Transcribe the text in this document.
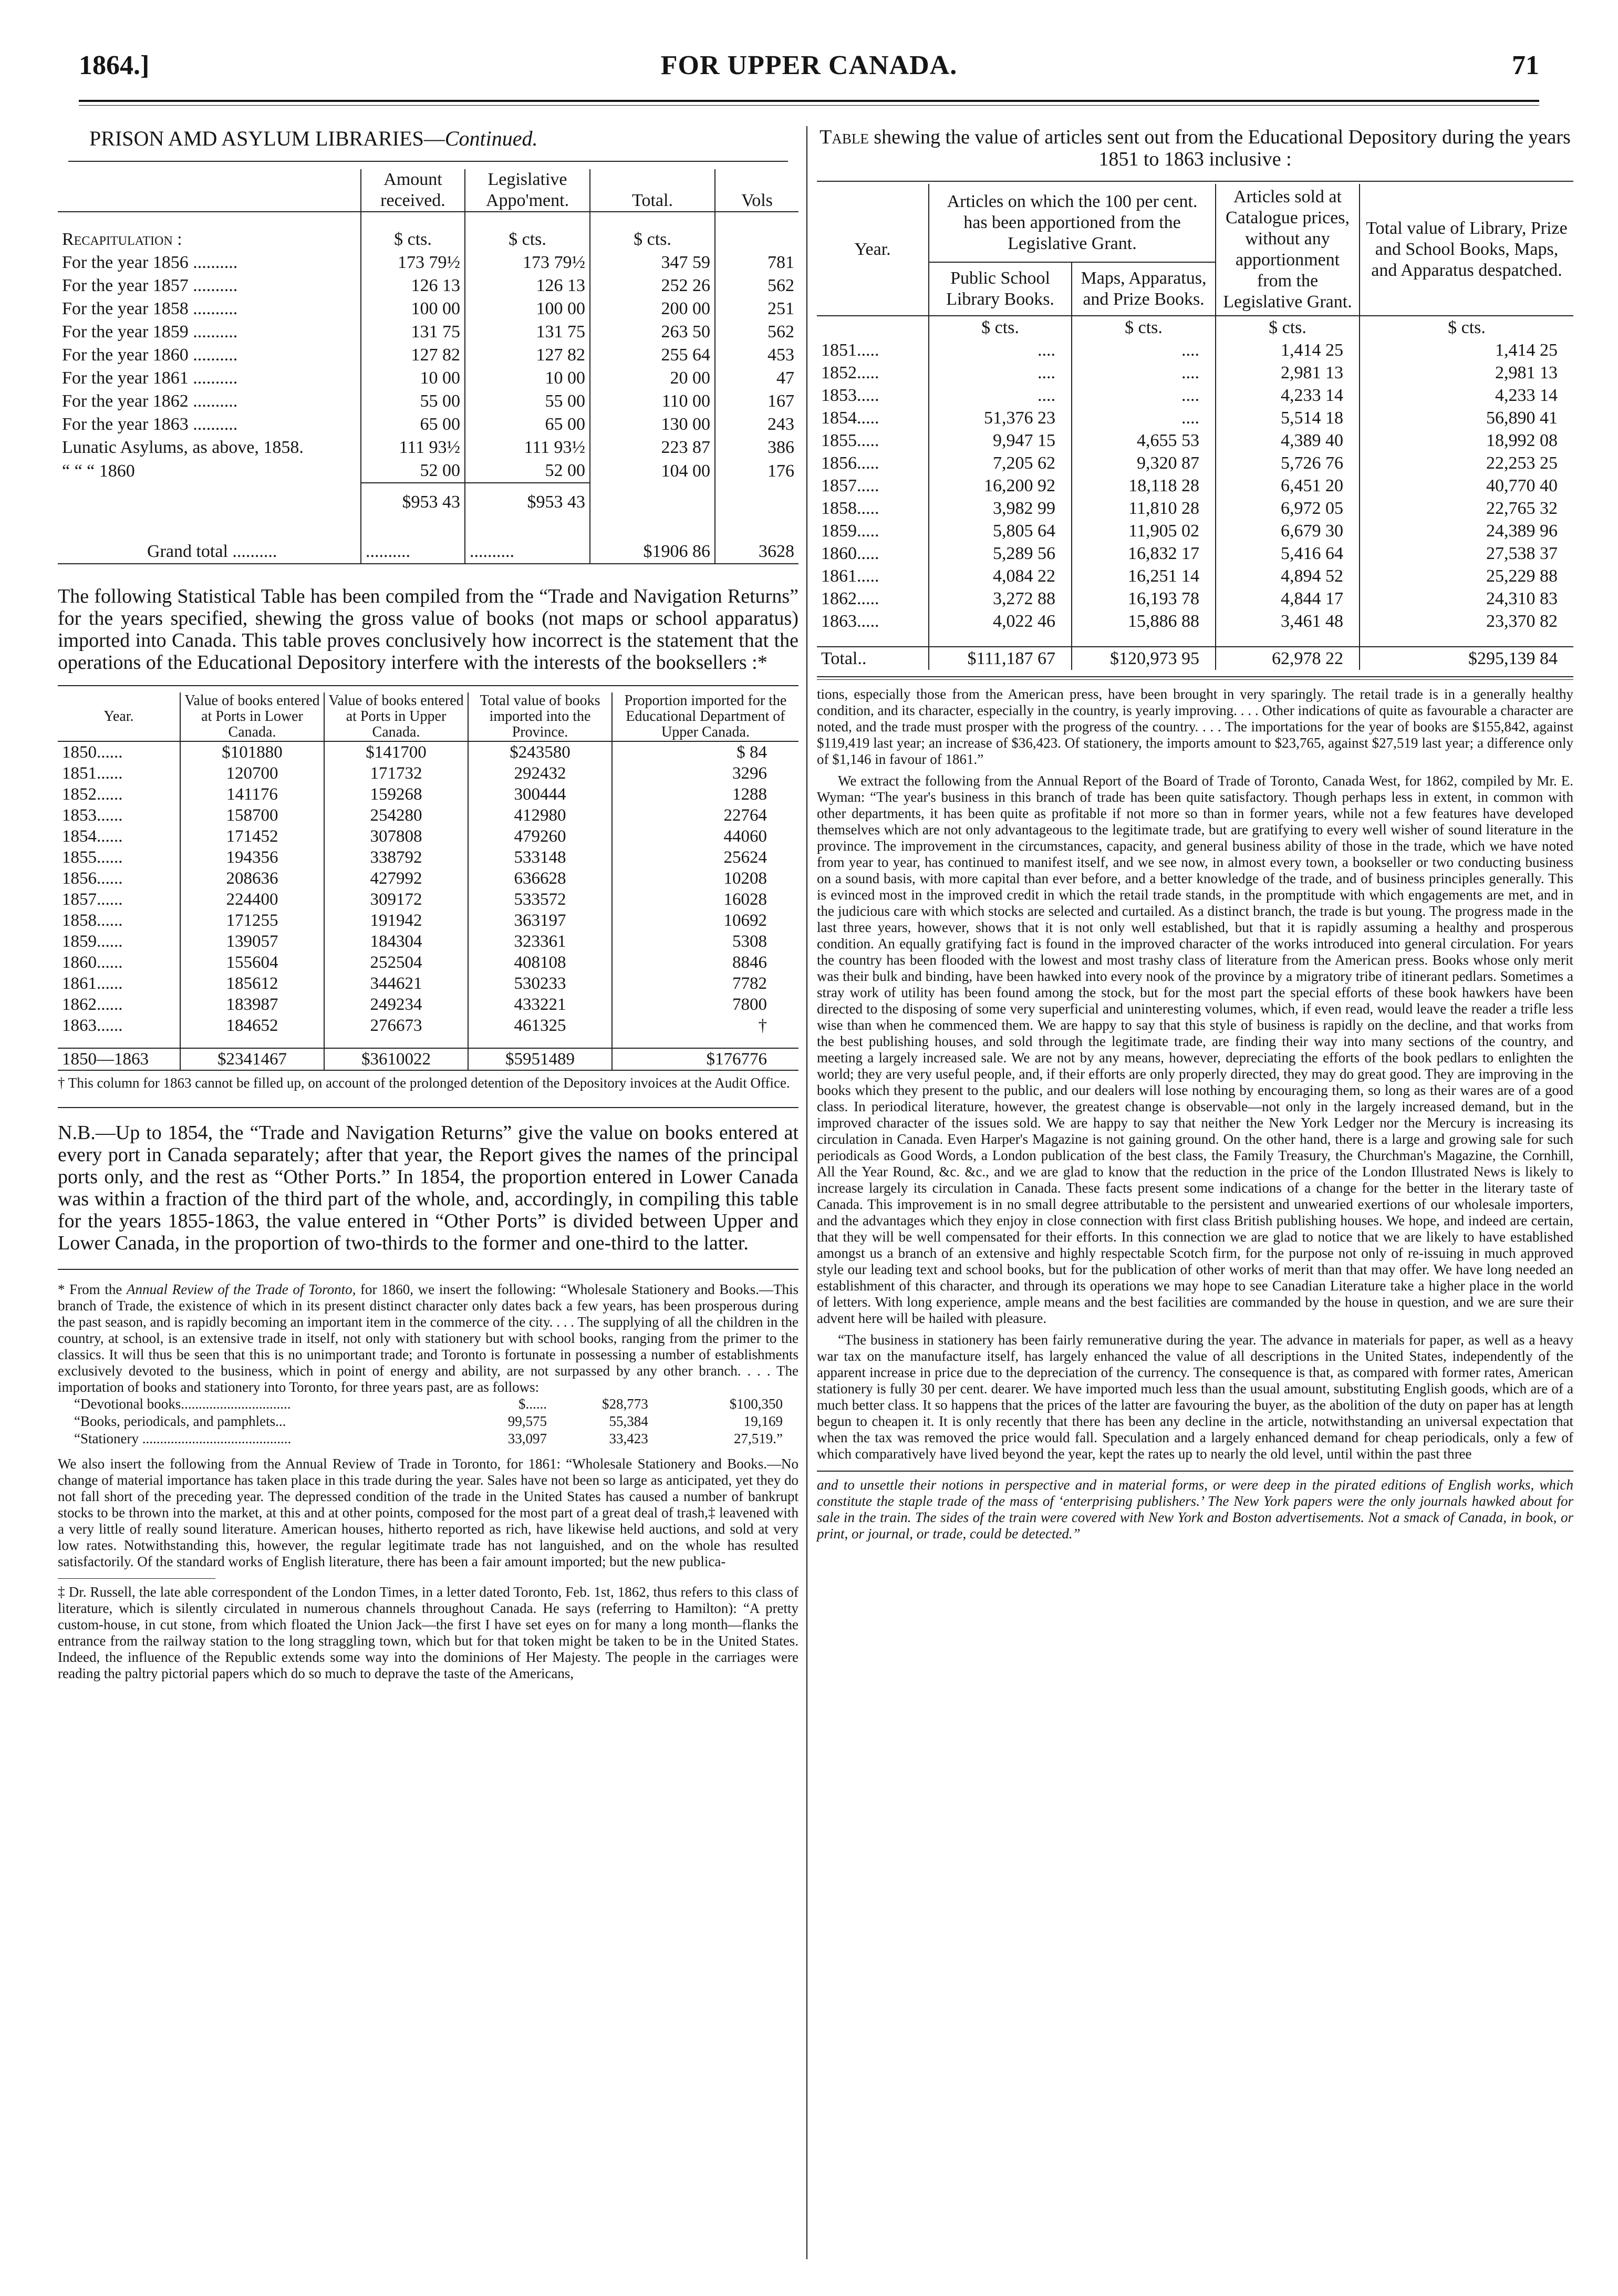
1864.]	FOR UPPER CANADA.	71
PRISON AMD ASYLUM LIBRARIES—Continued.
	Amount received.	Legislative Appo'ment.	Total.	Vols
Recapitulation :	$ cts.	$ cts.	$ cts.	
For the year 1856 ..........	173 79½	173 79½	347 59	781
For the year 1857 ..........	126 13	126 13	252 26	562
For the year 1858 ..........	100 00	100 00	200 00	251
For the year 1859 ..........	131 75	131 75	263 50	562
For the year 1860 ..........	127 82	127 82	255 64	453
For the year 1861 ..........	10 00	10 00	20 00	47
For the year 1862 ..........	55 00	55 00	110 00	167
For the year 1863 ..........	65 00	65 00	130 00	243
Lunatic Asylums, as above, 1858.	111 93½	111 93½	223 87	386
“ “ “ 1860	52 00	52 00	104 00	176
	$953 43	$953 43		

Grand total ..........	..........	..........	$1906 86	3628

The following Statistical Table has been compiled from the “Trade and Navigation Returns” for the years specified, shewing the gross value of books (not maps or school apparatus) imported into Canada. This table proves conclusively how incorrect is the statement that the operations of the Educational Depository interfere with the interests of the booksellers :*

Year.	Value of books entered at Ports in Lower Canada.	Value of books entered at Ports in Upper Canada.	Total value of books imported into the Province.	Proportion imported for the Educational Department of Upper Canada.
1850......	$101880	$141700	$243580	$ 84
1851......	120700	171732	292432	3296
1852......	141176	159268	300444	1288
1853......	158700	254280	412980	22764
1854......	171452	307808	479260	44060
1855......	194356	338792	533148	25624
1856......	208636	427992	636628	10208
1857......	224400	309172	533572	16028
1858......	171255	191942	363197	10692
1859......	139057	184304	323361	5308
1860......	155604	252504	408108	8846
1861......	185612	344621	530233	7782
1862......	183987	249234	433221	7800
1863......	184652	276673	461325	†

1850—1863	$2341467	$3610022	$5951489	$176776

† This column for 1863 cannot be filled up, on account of the prolonged detention of the Depository invoices at the Audit Office.

N.B.—Up to 1854, the “Trade and Navigation Returns” give the value on books entered at every port in Canada separately; after that year, the Report gives the names of the principal ports only, and the rest as “Other Ports.” In 1854, the proportion entered in Lower Canada was within a fraction of the third part of the whole, and, accordingly, in compiling this table for the years 1855-1863, the value entered in “Other Ports” is divided between Upper and Lower Canada, in the proportion of two-thirds to the former and one-third to the latter.

* From the Annual Review of the Trade of Toronto, for 1860, we insert the following: “Wholesale Stationery and Books.—This branch of Trade, the existence of which in its present distinct character only dates back a few years, has been prosperous during the past season, and is rapidly becoming an important item in the commerce of the city. . . . The supplying of all the children in the country, at school, is an extensive trade in itself, not only with stationery but with school books, ranging from the primer to the classics. It will thus be seen that this is no unimportant trade; and Toronto is fortunate in possessing a number of establishments exclusively devoted to the business, which in point of energy and ability, are not surpassed by any other branch. . . . The importation of books and stationery into Toronto, for three years past, are as follows:

“Devotional books...............................	$......	$28,773	$100,350
“Books, periodicals, and pamphlets...	99,575	55,384	19,169
“Stationery ..........................................	33,097	33,423	27,519.”

We also insert the following from the Annual Review of Trade in Toronto, for 1861: “Wholesale Stationery and Books.—No change of material importance has taken place in this trade during the year. Sales have not been so large as anticipated, yet they do not fall short of the preceding year. The depressed condition of the trade in the United States has caused a number of bankrupt stocks to be thrown into the market, at this and at other points, composed for the most part of a great deal of trash,‡ leavened with a very little of really sound literature. American houses, hitherto reported as rich, have likewise held auctions, and sold at very low rates. Notwithstanding this, however, the regular legitimate trade has not languished, and on the whole has resulted satisfactorily. Of the standard works of English literature, there has been a fair amount imported; but the new publica-

‡ Dr. Russell, the late able correspondent of the London Times, in a letter dated Toronto, Feb. 1st, 1862, thus refers to this class of literature, which is silently circulated in numerous channels throughout Canada. He says (referring to Hamilton): “A pretty custom-house, in cut stone, from which floated the Union Jack—the first I have set eyes on for many a long month—flanks the entrance from the railway station to the long straggling town, which but for that token might be taken to be in the United States. Indeed, the influence of the Republic extends some way into the dominions of Her Majesty. The people in the carriages were reading the paltry pictorial papers which do so much to deprave the taste of the Americans,

Table shewing the value of articles sent out from the Educational Depository during the years 1851 to 1863 inclusive :

Year.	Articles on which the 100 per cent. has been apportioned from the Legislative Grant.		Articles sold at Catalogue prices, without any apportionment from the Legislative Grant.	Total value of Library, Prize and School Books, Maps, and Apparatus despatched.
	Public School Library Books.	Maps, Apparatus, and Prize Books.		
	$ cts.	$ cts.	$ cts.	$ cts.
1851.....	....	....	1,414 25	1,414 25
1852.....	....	....	2,981 13	2,981 13
1853.....	....	....	4,233 14	4,233 14
1854.....	51,376 23	....	5,514 18	56,890 41
1855.....	9,947 15	4,655 53	4,389 40	18,992 08
1856.....	7,205 62	9,320 87	5,726 76	22,253 25
1857.....	16,200 92	18,118 28	6,451 20	40,770 40
1858.....	3,982 99	11,810 28	6,972 05	22,765 32
1859.....	5,805 64	11,905 02	6,679 30	24,389 96
1860.....	5,289 56	16,832 17	5,416 64	27,538 37
1861.....	4,084 22	16,251 14	4,894 52	25,229 88
1862.....	3,272 88	16,193 78	4,844 17	24,310 83
1863.....	4,022 46	15,886 88	3,461 48	23,370 82

Total..	$111,187 67	$120,973 95	62,978 22	$295,139 84

tions, especially those from the American press, have been brought in very sparingly. The retail trade is in a generally healthy condition, and its character, especially in the country, is yearly improving. . . . Other indications of quite as favourable a character are noted, and the trade must prosper with the progress of the country. . . . The importations for the year of books are $155,842, against $119,419 last year; an increase of $36,423. Of stationery, the imports amount to $23,765, against $27,519 last year; a difference only of $1,146 in favour of 1861.”

We extract the following from the Annual Report of the Board of Trade of Toronto, Canada West, for 1862, compiled by Mr. E. Wyman: “The year's business in this branch of trade has been quite satisfactory. Though perhaps less in extent, in common with other departments, it has been quite as profitable if not more so than in former years, while not a few features have developed themselves which are not only advantageous to the legitimate trade, but are gratifying to every well wisher of sound literature in the province. The improvement in the circumstances, capacity, and general business ability of those in the trade, which we have noted from year to year, has continued to manifest itself, and we see now, in almost every town, a bookseller or two conducting business on a sound basis, with more capital than ever before, and a better knowledge of the trade, and of business principles generally. This is evinced most in the improved credit in which the retail trade stands, in the promptitude with which engagements are met, and in the judicious care with which stocks are selected and curtailed. As a distinct branch, the trade is but young. The progress made in the last three years, however, shows that it is not only well established, but that it is rapidly assuming a healthy and prosperous condition. An equally gratifying fact is found in the improved character of the works introduced into general circulation. For years the country has been flooded with the lowest and most trashy class of literature from the American press. Books whose only merit was their bulk and binding, have been hawked into every nook of the province by a migratory tribe of itinerant pedlars. Sometimes a stray work of utility has been found among the stock, but for the most part the special efforts of these book hawkers have been directed to the disposing of some very superficial and uninteresting volumes, which, if even read, would leave the reader a trifle less wise than when he commenced them. We are happy to say that this style of business is rapidly on the decline, and that works from the best publishing houses, and sold through the legitimate trade, are finding their way into many sections of the country, and meeting a largely increased sale. We are not by any means, however, depreciating the efforts of the book pedlars to enlighten the world; they are very useful people, and, if their efforts are only properly directed, they may do great good. They are improving in the books which they present to the public, and our dealers will lose nothing by encouraging them, so long as their wares are of a good class. In periodical literature, however, the greatest change is observable—not only in the largely increased demand, but in the improved character of the issues sold. We are happy to say that neither the New York Ledger nor the Mercury is increasing its circulation in Canada. Even Harper's Magazine is not gaining ground. On the other hand, there is a large and growing sale for such periodicals as Good Words, a London publication of the best class, the Family Treasury, the Churchman's Magazine, the Cornhill, All the Year Round, &c. &c., and we are glad to know that the reduction in the price of the London Illustrated News is likely to increase largely its circulation in Canada. These facts present some indications of a change for the better in the literary taste of Canada. This improvement is in no small degree attributable to the persistent and unwearied exertions of our wholesale importers, and the advantages which they enjoy in close connection with first class British publishing houses. We hope, and indeed are certain, that they will be well compensated for their efforts. In this connection we are glad to notice that we are likely to have established amongst us a branch of an extensive and highly respectable Scotch firm, for the purpose not only of re-issuing in much approved style our leading text and school books, but for the publication of other works of merit than that may offer. We have long needed an establishment of this character, and through its operations we may hope to see Canadian Literature take a higher place in the world of letters. With long experience, ample means and the best facilities are commanded by the house in question, and we are sure their advent here will be hailed with pleasure.

“The business in stationery has been fairly remunerative during the year. The advance in materials for paper, as well as a heavy war tax on the manufacture itself, has largely enhanced the value of all descriptions in the United States, independently of the apparent increase in price due to the depreciation of the currency. The consequence is that, as compared with former rates, American stationery is fully 30 per cent. dearer. We have imported much less than the usual amount, substituting English goods, which are of a much better class. It so happens that the prices of the latter are favouring the buyer, as the abolition of the duty on paper has at length begun to cheapen it. It is only recently that there has been any decline in the article, notwithstanding an universal expectation that when the tax was removed the price would fall. Speculation and a largely enhanced demand for cheap periodicals, only a few of which comparatively have lived beyond the year, kept the rates up to nearly the old level, until within the past three

and to unsettle their notions in perspective and in material forms, or were deep in the pirated editions of English works, which constitute the staple trade of the mass of ‘enterprising publishers.’ The New York papers were the only journals hawked about for sale in the train. The sides of the train were covered with New York and Boston advertisements. Not a smack of Canada, in book, or print, or journal, or trade, could be detected.”
